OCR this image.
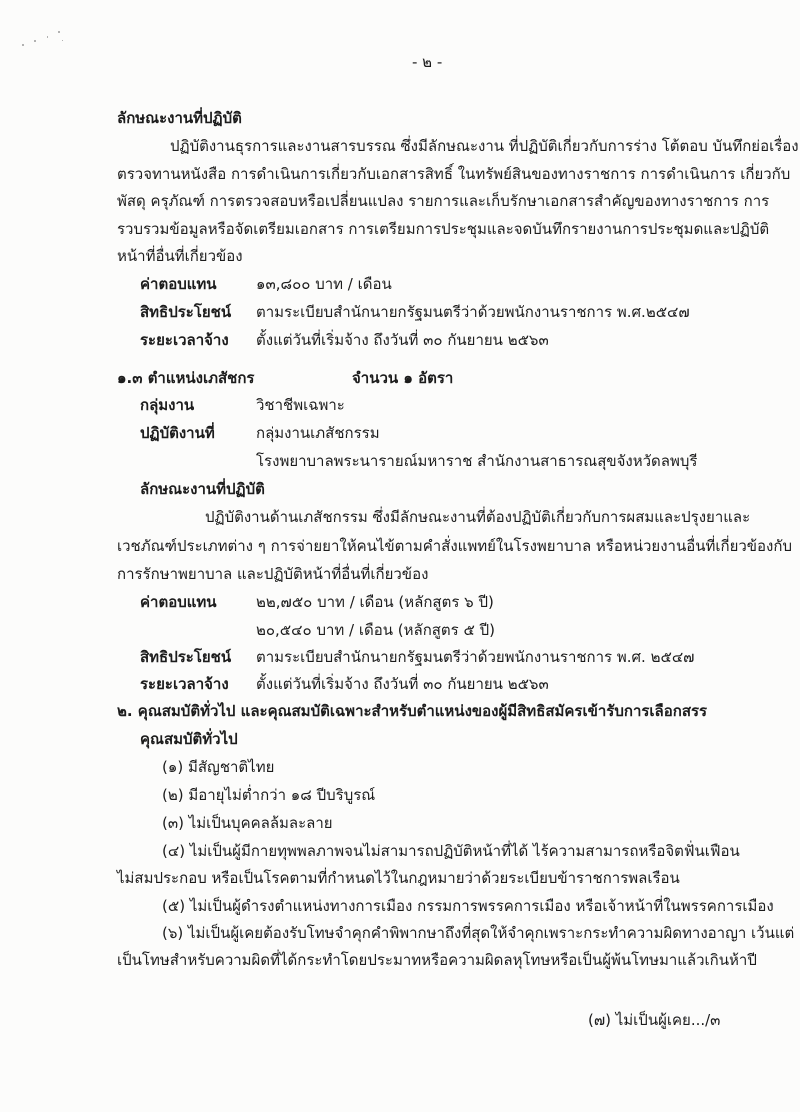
- ๒ -
ลักษณะงานที่ปฏิบัติ
ปฏิบัติงานธุรการและงานสารบรรณ ซึ่งมีลักษณะงาน ที่ปฏิบัติเกี่ยวกับการร่าง โต้ตอบ บันทึกย่อเรื่อง
ตรวจทานหนังสือ การดำเนินการเกี่ยวกับเอกสารสิทธิ์ ในทรัพย์สินของทางราชการ การดำเนินการ เกี่ยวกับ
พัสดุ ครุภัณฑ์ การตรวจสอบหรือเปลี่ยนแปลง รายการและเก็บรักษาเอกสารสำคัญของทางราชการ การ
รวบรวมข้อมูลหรือจัดเตรียมเอกสาร การเตรียมการประชุมและจดบันทึกรายงานการประชุมดและปฏิบัติ
หน้าที่อื่นที่เกี่ยวข้อง
ค่าตอบแทน	๑๓,๘๐๐ บาท / เดือน
สิทธิประโยชน์ ตามระเบียบสำนักนายกรัฐมนตรีว่าด้วยพนักงานราชการ พ.ศ.๒๕๔๗
ระยะเวลาจ้าง ตั้งแต่วันที่เริ่มจ้าง ถึงวันที่ ๓๐ กันยายน ๒๕๖๓
๑.๓ ตำแหน่งเภสัชกร	จำนวน ๑ อัตรา
กลุ่มงาน	วิชาชีพเฉพาะ
ปฏิบัติงานที่	กลุ่มงานเภสัชกรรม
โรงพยาบาลพระนารายณ์มหาราช สำนักงานสาธารณสุขจังหวัดลพบุรี
ลักษณะงานที่ปฏิบัติ
ปฏิบัติงานด้านเภสัชกรรม ซึ่งมีลักษณะงานที่ต้องปฏิบัติเกี่ยวกับการผสมและปรุงยาและ
เวชภัณฑ์ประเภทต่าง ๆ การจ่ายยาให้คนไข้ตามคำสั่งแพทย์ในโรงพยาบาล หรือหน่วยงานอื่นที่เกี่ยวข้องกับ
การรักษาพยาบาล และปฏิบัติหน้าที่อื่นที่เกี่ยวข้อง
ค่าตอบแทน	๒๒,๗๕๐ บาท / เดือน (หลักสูตร ๖ ปี)
๒๐,๕๔๐ บาท / เดือน (หลักสูตร ๕ ปี)
สิทธิประโยชน์ ตามระเบียบสำนักนายกรัฐมนตรีว่าด้วยพนักงานราชการ พ.ศ. ๒๕๔๗
ระยะเวลาจ้าง ตั้งแต่วันที่เริ่มจ้าง ถึงวันที่ ๓๐ กันยายน ๒๕๖๓
๒. คุณสมบัติทั่วไป และคุณสมบัติเฉพาะสำหรับตำแหน่งของผู้มีสิทธิสมัครเข้ารับการเลือกสรร
คุณสมบัติทั่วไป
(๑) มีสัญชาติไทย
(๒) มีอายุไม่ต่ำกว่า ๑๘ ปีบริบูรณ์
(๓) ไม่เป็นบุคคลล้มละลาย
(๔) ไม่เป็นผู้มีกายทุพพลภาพจนไม่สามารถปฏิบัติหน้าที่ได้ ไร้ความสามารถหรือจิตฟั่นเฟือน
ไม่สมประกอบ หรือเป็นโรคตามที่กำหนดไว้ในกฎหมายว่าด้วยระเบียบข้าราชการพลเรือน
(๕) ไม่เป็นผู้ดำรงตำแหน่งทางการเมือง กรรมการพรรคการเมือง หรือเจ้าหน้าที่ในพรรคการเมือง
(๖) ไม่เป็นผู้เคยต้องรับโทษจำคุกคำพิพากษาถึงที่สุดให้จำคุกเพราะกระทำความผิดทางอาญา เว้นแต่
เป็นโทษสำหรับความผิดที่ได้กระทำโดยประมาทหรือความผิดลหุโทษหรือเป็นผู้พ้นโทษมาแล้วเกินห้าปี
(๗) ไม่เป็นผู้เคย.../๓
